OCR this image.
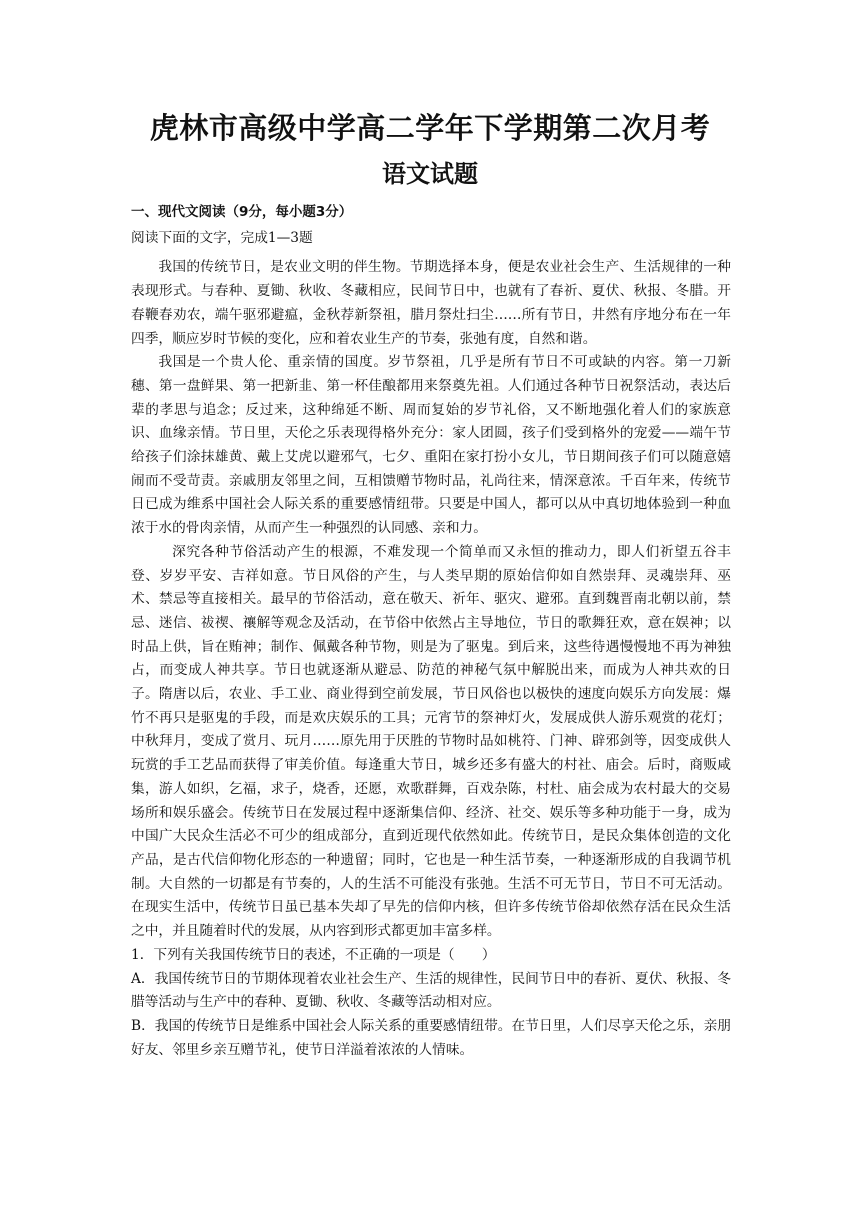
虎林市高级中学高二学年下学期第二次月考
语文试题

一、现代文阅读（9分，每小题3分）

阅读下面的文字，完成1—3题

我国的传统节日，是农业文明的伴生物。节期选择本身，便是农业社会生产、生活规律的一种表现形式。与春种、夏锄、秋收、冬藏相应，民间节日中，也就有了春祈、夏伏、秋报、冬腊。开春鞭春劝农，端午驱邪避瘟，金秋荐新祭祖，腊月祭灶扫尘……所有节日，井然有序地分布在一年四季，顺应岁时节候的变化，应和着农业生产的节奏，张弛有度，自然和谐。

我国是一个贵人伦、重亲情的国度。岁节祭祖，几乎是所有节日不可或缺的内容。第一刀新穗、第一盘鲜果、第一把新韭、第一杯佳酿都用来祭奠先祖。人们通过各种节日祝祭活动，表达后辈的孝思与追念；反过来，这种绵延不断、周而复始的岁节礼俗，又不断地强化着人们的家族意识、血缘亲情。节日里，天伦之乐表现得格外充分：家人团圆，孩子们受到格外的宠爱——端午节给孩子们涂抹雄黄、戴上艾虎以避邪气，七夕、重阳在家打扮小女儿，节日期间孩子们可以随意嬉闹而不受苛责。亲戚朋友邻里之间，互相馈赠节物时品，礼尚往来，情深意浓。千百年来，传统节日已成为维系中国社会人际关系的重要感情纽带。只要是中国人，都可以从中真切地体验到一种血浓于水的骨肉亲情，从而产生一种强烈的认同感、亲和力。

深究各种节俗活动产生的根源，不难发现一个简单而又永恒的推动力，即人们祈望五谷丰登、岁岁平安、吉祥如意。节日风俗的产生，与人类早期的原始信仰如自然崇拜、灵魂崇拜、巫术、禁忌等直接相关。最早的节俗活动，意在敬天、祈年、驱灾、避邪。直到魏晋南北朝以前，禁忌、迷信、祓禊、禳解等观念及活动，在节俗中依然占主导地位，节日的歌舞狂欢，意在娱神；以时品上供，旨在贿神；制作、佩戴各种节物，则是为了驱鬼。到后来，这些待遇慢慢地不再为神独占，而变成人神共享。节日也就逐渐从避忌、防范的神秘气氛中解脱出来，而成为人神共欢的日子。隋唐以后，农业、手工业、商业得到空前发展，节日风俗也以极快的速度向娱乐方向发展：爆竹不再只是驱鬼的手段，而是欢庆娱乐的工具；元宵节的祭神灯火，发展成供人游乐观赏的花灯；中秋拜月，变成了赏月、玩月……原先用于厌胜的节物时品如桃符、门神、辟邪剑等，因变成供人玩赏的手工艺品而获得了审美价值。每逢重大节日，城乡还多有盛大的村社、庙会。后时，商贩咸集，游人如织，乞福，求子，烧香，还愿，欢歌群舞，百戏杂陈，村杜、庙会成为农村最大的交易场所和娱乐盛会。传统节日在发展过程中逐渐集信仰、经济、社交、娱乐等多种功能于一身，成为中国广大民众生活必不可少的组成部分，直到近现代依然如此。传统节日，是民众集体创造的文化产品，是古代信仰物化形态的一种遗留；同时，它也是一种生活节奏，一种逐渐形成的自我调节机制。大自然的一切都是有节奏的，人的生活不可能没有张弛。生活不可无节日，节日不可无活动。在现实生活中，传统节日虽已基本失却了早先的信仰内核，但许多传统节俗却依然存活在民众生活之中，并且随着时代的发展，从内容到形式都更加丰富多样。

1．下列有关我国传统节日的表述，不正确的一项是（　　）

A．我国传统节日的节期体现着农业社会生产、生活的规律性，民间节日中的春祈、夏伏、秋报、冬腊等活动与生产中的春种、夏锄、秋收、冬藏等活动相对应。

B．我国的传统节日是维系中国社会人际关系的重要感情纽带。在节日里，人们尽享天伦之乐，亲朋好友、邻里乡亲互赠节礼，使节日洋溢着浓浓的人情味。
